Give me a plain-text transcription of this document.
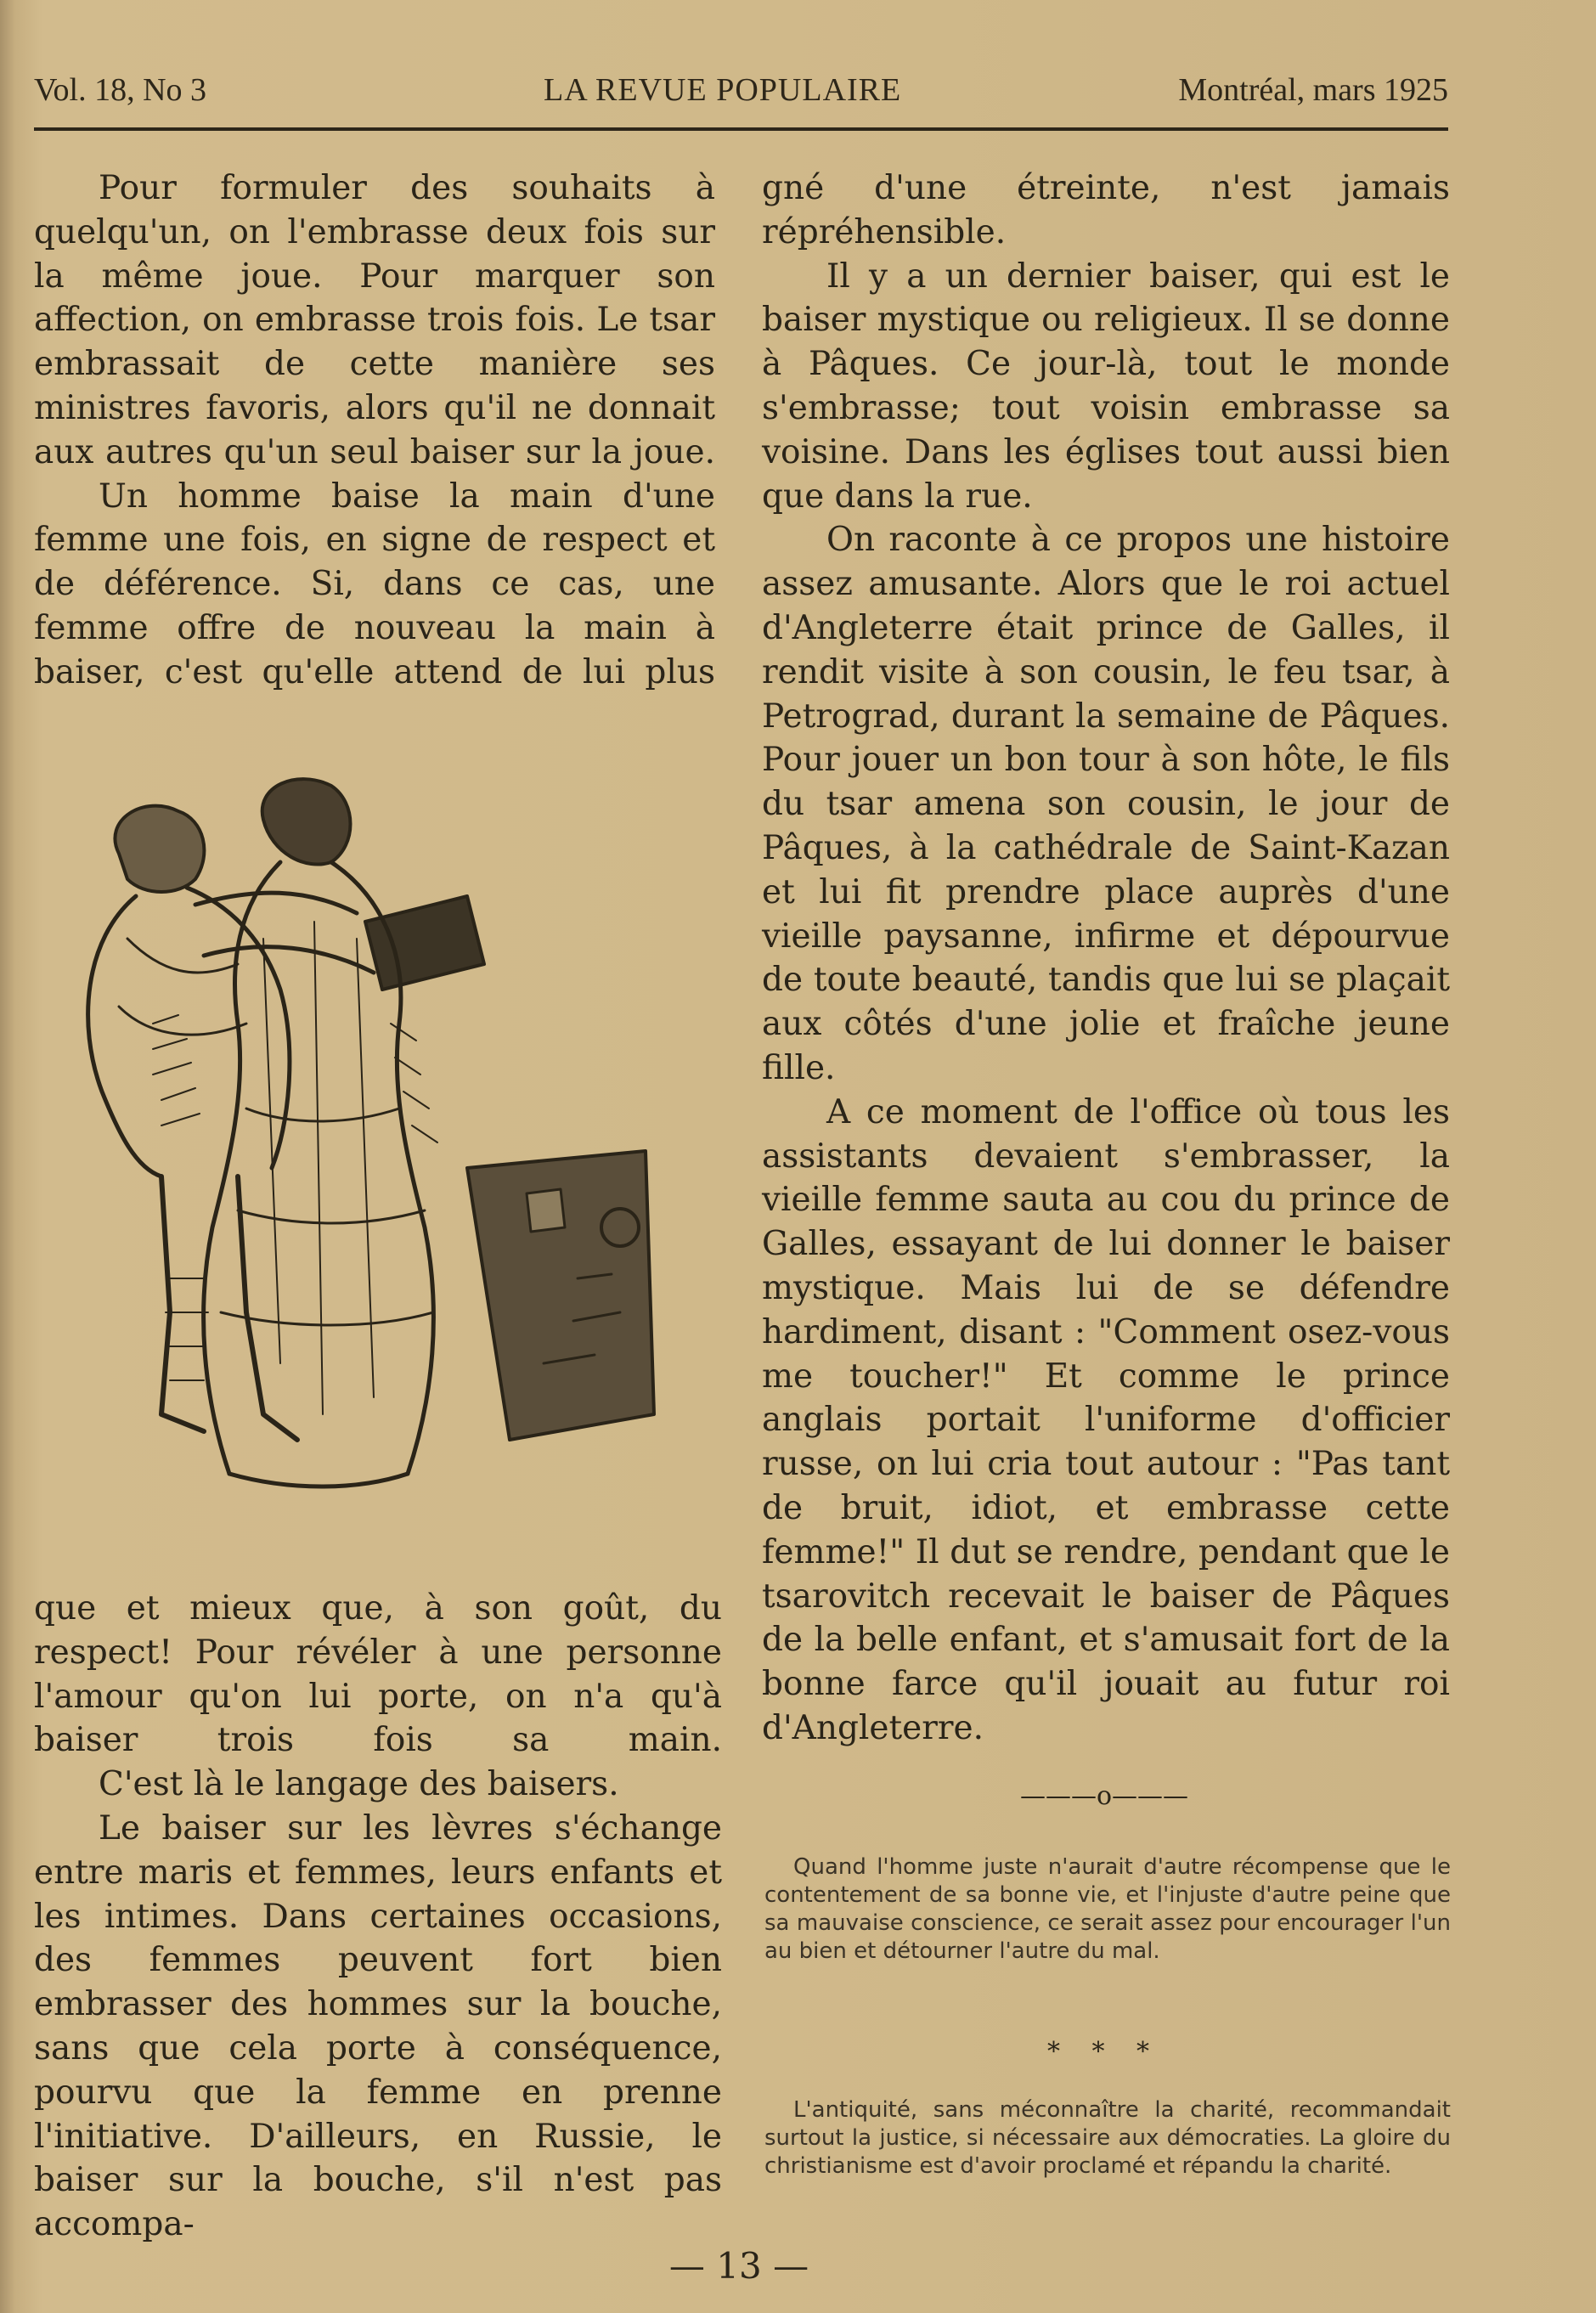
Vol. 18, No 3	LA REVUE POPULAIRE	Montréal, mars 1925

Pour formuler des souhaits à quelqu'un, on l'embrasse deux fois sur la même joue. Pour marquer son affection, on embrasse trois fois. Le tsar embrassait de cette manière ses ministres favoris, alors qu'il ne donnait aux autres qu'un seul baiser sur la joue.

Un homme baise la main d'une femme une fois, en signe de respect et de déférence. Si, dans ce cas, une femme offre de nouveau la main à baiser, c'est qu'elle attend de lui plus

que et mieux que, à son goût, du respect! Pour révéler à une personne l'amour qu'on lui porte, on n'a qu'à baiser trois fois sa main.

C'est là le langage des baisers.

Le baiser sur les lèvres s'échange entre maris et femmes, leurs enfants et les intimes. Dans certaines occasions, des femmes peuvent fort bien embrasser des hommes sur la bouche, sans que cela porte à conséquence, pourvu que la femme en prenne l'initiative. D'ailleurs, en Russie, le baiser sur la bouche, s'il n'est pas accompa-

gné d'une étreinte, n'est jamais répréhensible.

Il y a un dernier baiser, qui est le baiser mystique ou religieux. Il se donne à Pâques. Ce jour-là, tout le monde s'embrasse; tout voisin embrasse sa voisine. Dans les églises tout aussi bien que dans la rue.

On raconte à ce propos une histoire assez amusante. Alors que le roi actuel d'Angleterre était prince de Galles, il rendit visite à son cousin, le feu tsar, à Petrograd, durant la semaine de Pâques. Pour jouer un bon tour à son hôte, le fils du tsar amena son cousin, le jour de Pâques, à la cathédrale de Saint-Kazan et lui fit prendre place auprès d'une vieille paysanne, infirme et dépourvue de toute beauté, tandis que lui se plaçait aux côtés d'une jolie et fraîche jeune fille.

A ce moment de l'office où tous les assistants devaient s'embrasser, la vieille femme sauta au cou du prince de Galles, essayant de lui donner le baiser mystique. Mais lui de se défendre hardiment, disant : "Comment osez-vous me toucher!" Et comme le prince anglais portait l'uniforme d'officier russe, on lui cria tout autour : "Pas tant de bruit, idiot, et embrasse cette femme!" Il dut se rendre, pendant que le tsarovitch recevait le baiser de Pâques de la belle enfant, et s'amusait fort de la bonne farce qu'il jouait au futur roi d'Angleterre.

———o———

Quand l'homme juste n'aurait d'autre récompense que le contentement de sa bonne vie, et l'injuste d'autre peine que sa mauvaise conscience, ce serait assez pour encourager l'un au bien et détourner l'autre du mal.

* * *

L'antiquité, sans méconnaître la charité, recommandait surtout la justice, si nécessaire aux démocraties. La gloire du christianisme est d'avoir proclamé et répandu la charité.

— 13 —
